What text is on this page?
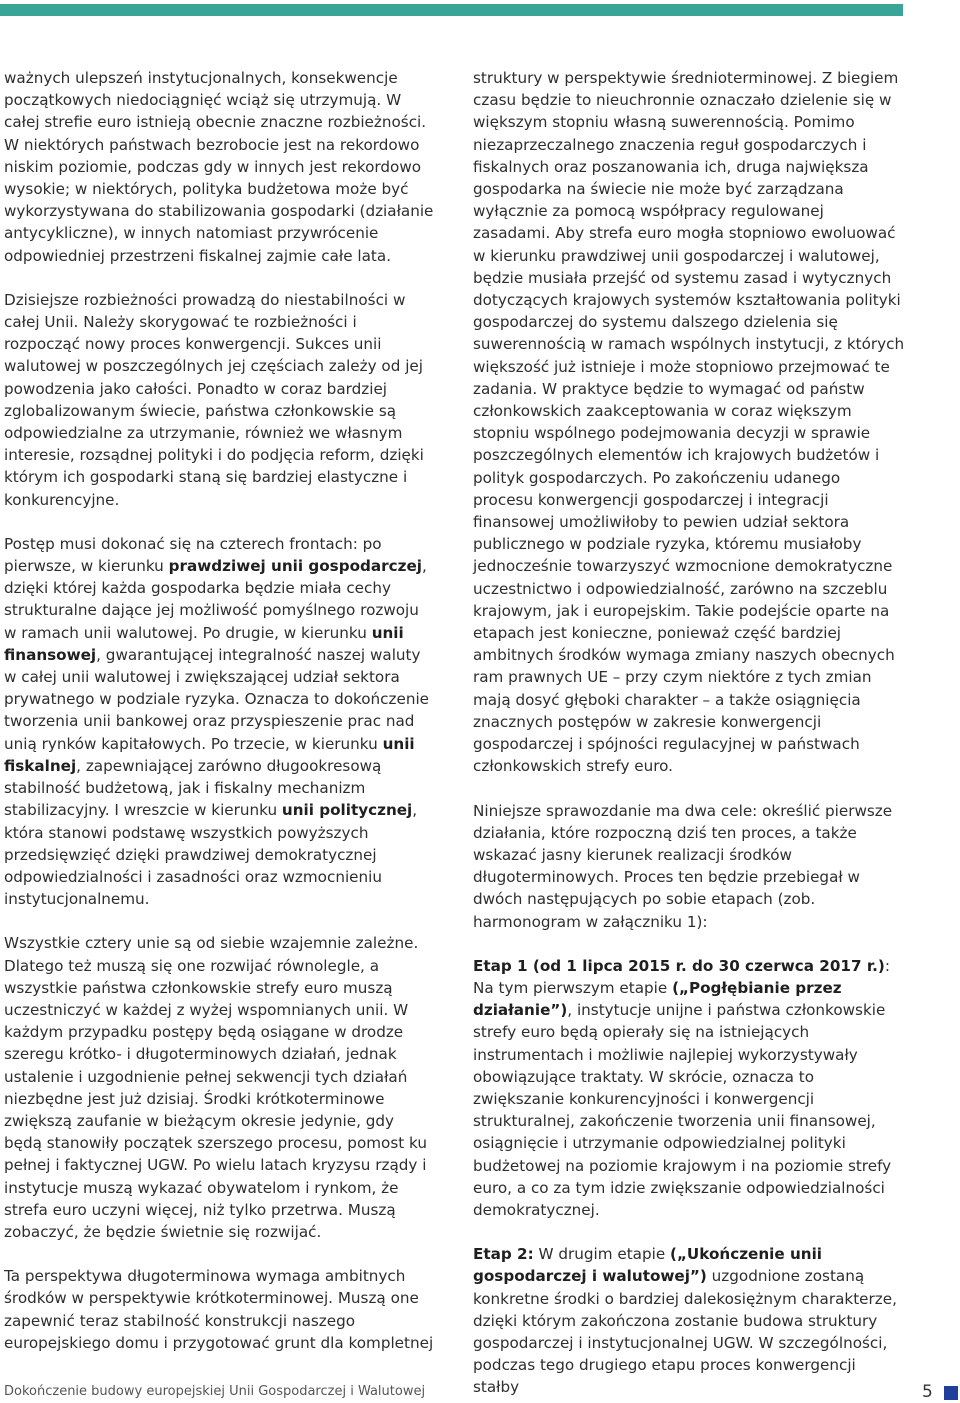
ważnych ulepszeń instytucjonalnych, konsekwencje początkowych niedociągnięć wciąż się utrzymują. W całej strefie euro istnieją obecnie znaczne rozbieżności. W niektórych państwach bezrobocie jest na rekordowo niskim poziomie, podczas gdy w innych jest rekordowo wysokie; w niektórych, polityka budżetowa może być wykorzystywana do stabilizowania gospodarki (działanie antycykliczne), w innych natomiast przywrócenie odpowiedniej przestrzeni fiskalnej zajmie całe lata.

Dzisiejsze rozbieżności prowadzą do niestabilności w całej Unii. Należy skorygować te rozbieżności i rozpocząć nowy proces konwergencji. Sukces unii walutowej w poszczególnych jej częściach zależy od jej powodzenia jako całości. Ponadto w coraz bardziej zglobalizowanym świecie, państwa członkowskie są odpowiedzialne za utrzymanie, również we własnym interesie, rozsądnej polityki i do podjęcia reform, dzięki którym ich gospodarki staną się bardziej elastyczne i konkurencyjne.

Postęp musi dokonać się na czterech frontach: po pierwsze, w kierunku prawdziwej unii gospodarczej, dzięki której każda gospodarka będzie miała cechy strukturalne dające jej możliwość pomyślnego rozwoju w ramach unii walutowej. Po drugie, w kierunku unii finansowej, gwarantującej integralność naszej waluty w całej unii walutowej i zwiększającej udział sektora prywatnego w podziale ryzyka. Oznacza to dokończenie tworzenia unii bankowej oraz przyspieszenie prac nad unią rynków kapitałowych. Po trzecie, w kierunku unii fiskalnej, zapewniającej zarówno długookresową stabilność budżetową, jak i fiskalny mechanizm stabilizacyjny. I wreszcie w kierunku unii politycznej, która stanowi podstawę wszystkich powyższych przedsięwzięć dzięki prawdziwej demokratycznej odpowiedzialności i zasadności oraz wzmocnieniu instytucjonalnemu.

Wszystkie cztery unie są od siebie wzajemnie zależne. Dlatego też muszą się one rozwijać równolegle, a wszystkie państwa członkowskie strefy euro muszą uczestniczyć w każdej z wyżej wspomnianych unii. W każdym przypadku postępy będą osiągane w drodze szeregu krótko- i długoterminowych działań, jednak ustalenie i uzgodnienie pełnej sekwencji tych działań niezbędne jest już dzisiaj. Środki krótkoterminowe zwiększą zaufanie w bieżącym okresie jedynie, gdy będą stanowiły początek szerszego procesu, pomost ku pełnej i faktycznej UGW. Po wielu latach kryzysu rządy i instytucje muszą wykazać obywatelom i rynkom, że strefa euro uczyni więcej, niż tylko przetrwa. Muszą zobaczyć, że będzie świetnie się rozwijać.

Ta perspektywa długoterminowa wymaga ambitnych środków w perspektywie krótkoterminowej. Muszą one zapewnić teraz stabilność konstrukcji naszego europejskiego domu i przygotować grunt dla kompletnej

struktury w perspektywie średnioterminowej. Z biegiem czasu będzie to nieuchronnie oznaczało dzielenie się w większym stopniu własną suwerennością. Pomimo niezaprzeczalnego znaczenia reguł gospodarczych i fiskalnych oraz poszanowania ich, druga największa gospodarka na świecie nie może być zarządzana wyłącznie za pomocą współpracy regulowanej zasadami. Aby strefa euro mogła stopniowo ewoluować w kierunku prawdziwej unii gospodarczej i walutowej, będzie musiała przejść od systemu zasad i wytycznych dotyczących krajowych systemów kształtowania polityki gospodarczej do systemu dalszego dzielenia się suwerennością w ramach wspólnych instytucji, z których większość już istnieje i może stopniowo przejmować te zadania. W praktyce będzie to wymagać od państw członkowskich zaakceptowania w coraz większym stopniu wspólnego podejmowania decyzji w sprawie poszczególnych elementów ich krajowych budżetów i polityk gospodarczych. Po zakończeniu udanego procesu konwergencji gospodarczej i integracji finansowej umożliwiłoby to pewien udział sektora publicznego w podziale ryzyka, któremu musiałoby jednocześnie towarzyszyć wzmocnione demokratyczne uczestnictwo i odpowiedzialność, zarówno na szczeblu krajowym, jak i europejskim. Takie podejście oparte na etapach jest konieczne, ponieważ część bardziej ambitnych środków wymaga zmiany naszych obecnych ram prawnych UE – przy czym niektóre z tych zmian mają dosyć głęboki charakter – a także osiągnięcia znacznych postępów w zakresie konwergencji gospodarczej i spójności regulacyjnej w państwach członkowskich strefy euro.

Niniejsze sprawozdanie ma dwa cele: określić pierwsze działania, które rozpoczną dziś ten proces, a także wskazać jasny kierunek realizacji środków długoterminowych. Proces ten będzie przebiegał w dwóch następujących po sobie etapach (zob. harmonogram w załączniku 1):

Etap 1 (od 1 lipca 2015 r. do 30 czerwca 2017 r.): Na tym pierwszym etapie („Pogłębianie przez działanie”), instytucje unijne i państwa członkowskie strefy euro będą opierały się na istniejących instrumentach i możliwie najlepiej wykorzystywały obowiązujące traktaty. W skrócie, oznacza to zwiększanie konkurencyjności i konwergencji strukturalnej, zakończenie tworzenia unii finansowej, osiągnięcie i utrzymanie odpowiedzialnej polityki budżetowej na poziomie krajowym i na poziomie strefy euro, a co za tym idzie zwiększanie odpowiedzialności demokratycznej.

Etap 2: W drugim etapie („Ukończenie unii gospodarczej i walutowej”) uzgodnione zostaną konkretne środki o bardziej dalekosiężnym charakterze, dzięki którym zakończona zostanie budowa struktury gospodarczej i instytucjonalnej UGW. W szczególności, podczas tego drugiego etapu proces konwergencji stałby

Dokończenie budowy europejskiej Unii Gospodarczej i Walutowej	5
